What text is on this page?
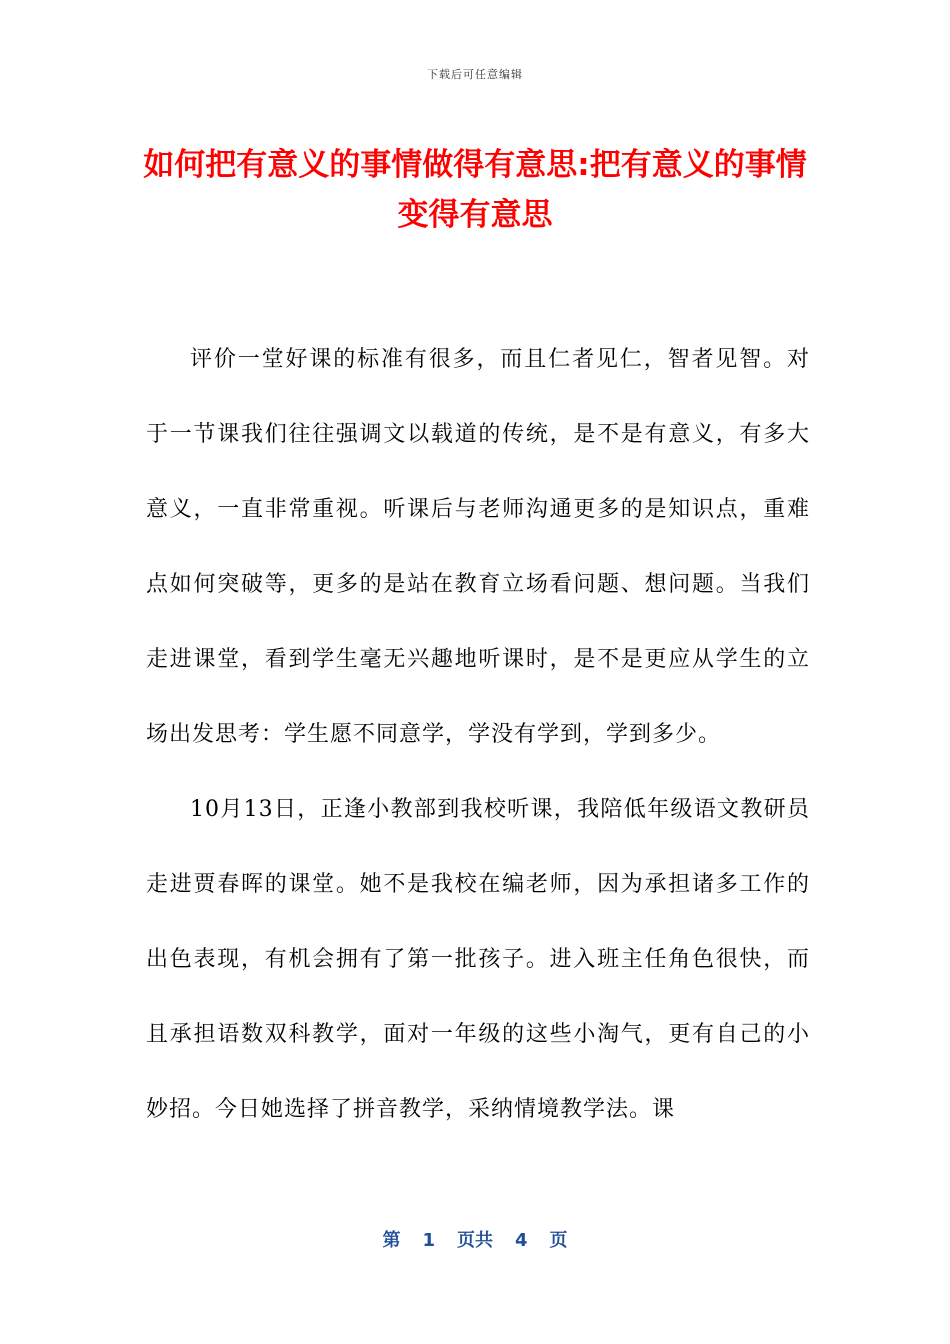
下载后可任意编辑
如何把有意义的事情做得有意思:把有意义的事情变得有意思

评价一堂好课的标准有很多，而且仁者见仁，智者见智。对于一节课我们往往强调文以载道的传统，是不是有意义，有多大意义，一直非常重视。听课后与老师沟通更多的是知识点，重难点如何突破等，更多的是站在教育立场看问题、想问题。当我们走进课堂，看到学生毫无兴趣地听课时，是不是更应从学生的立场出发思考：学生愿不同意学，学没有学到，学到多少。

10月13日，正逢小教部到我校听课，我陪低年级语文教研员走进贾春晖的课堂。她不是我校在编老师，因为承担诸多工作的出色表现，有机会拥有了第一批孩子。进入班主任角色很快，而且承担语数双科教学，面对一年级的这些小淘气，更有自己的小妙招。今日她选择了拼音教学，采纳情境教学法。课

第 1 页共 4 页
